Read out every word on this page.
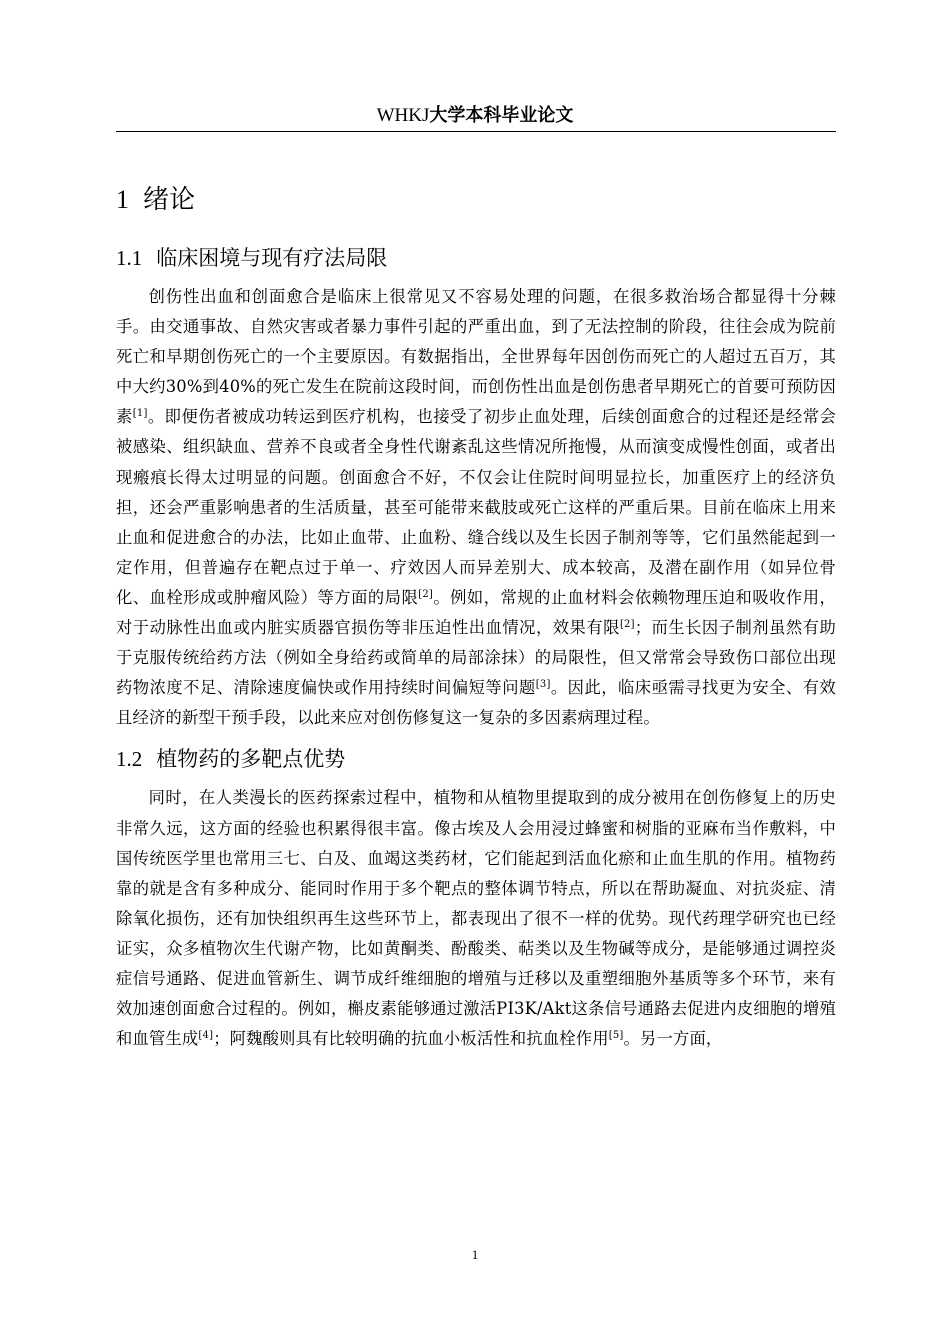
WHKJ大学本科毕业论文
1 绪论
1.1 临床困境与现有疗法局限

创伤性出血和创面愈合是临床上很常见又不容易处理的问题，在很多救治场合都显得十分棘手。由交通事故、自然灾害或者暴力事件引起的严重出血，到了无法控制的阶段，往往会成为院前死亡和早期创伤死亡的一个主要原因。有数据指出，全世界每年因创伤而死亡的人超过五百万，其中大约30%到40%的死亡发生在院前这段时间，而创伤性出血是创伤患者早期死亡的首要可预防因素[1]。即便伤者被成功转运到医疗机构，也接受了初步止血处理，后续创面愈合的过程还是经常会被感染、组织缺血、营养不良或者全身性代谢紊乱这些情况所拖慢，从而演变成慢性创面，或者出现瘢痕长得太过明显的问题。创面愈合不好，不仅会让住院时间明显拉长，加重医疗上的经济负担，还会严重影响患者的生活质量，甚至可能带来截肢或死亡这样的严重后果。目前在临床上用来止血和促进愈合的办法，比如止血带、止血粉、缝合线以及生长因子制剂等等，它们虽然能起到一定作用，但普遍存在靶点过于单一、疗效因人而异差别大、成本较高，及潜在副作用（如异位骨化、血栓形成或肿瘤风险）等方面的局限[2]。例如，常规的止血材料会依赖物理压迫和吸收作用，对于动脉性出血或内脏实质器官损伤等非压迫性出血情况，效果有限[2]；而生长因子制剂虽然有助于克服传统给药方法（例如全身给药或简单的局部涂抹）的局限性，但又常常会导致伤口部位出现药物浓度不足、清除速度偏快或作用持续时间偏短等问题[3]。因此，临床亟需寻找更为安全、有效且经济的新型干预手段，以此来应对创伤修复这一复杂的多因素病理过程。

1.2 植物药的多靶点优势

同时，在人类漫长的医药探索过程中，植物和从植物里提取到的成分被用在创伤修复上的历史非常久远，这方面的经验也积累得很丰富。像古埃及人会用浸过蜂蜜和树脂的亚麻布当作敷料，中国传统医学里也常用三七、白及、血竭这类药材，它们能起到活血化瘀和止血生肌的作用。植物药靠的就是含有多种成分、能同时作用于多个靶点的整体调节特点，所以在帮助凝血、对抗炎症、清除氧化损伤，还有加快组织再生这些环节上，都表现出了很不一样的优势。现代药理学研究也已经证实，众多植物次生代谢产物，比如黄酮类、酚酸类、萜类以及生物碱等成分，是能够通过调控炎症信号通路、促进血管新生、调节成纤维细胞的增殖与迁移以及重塑细胞外基质等多个环节，来有效加速创面愈合过程的。例如，槲皮素能够通过激活PI3K/Akt这条信号通路去促进内皮细胞的增殖和血管生成[4]；阿魏酸则具有比较明确的抗血小板活性和抗血栓作用[5]。另一方面，

1
